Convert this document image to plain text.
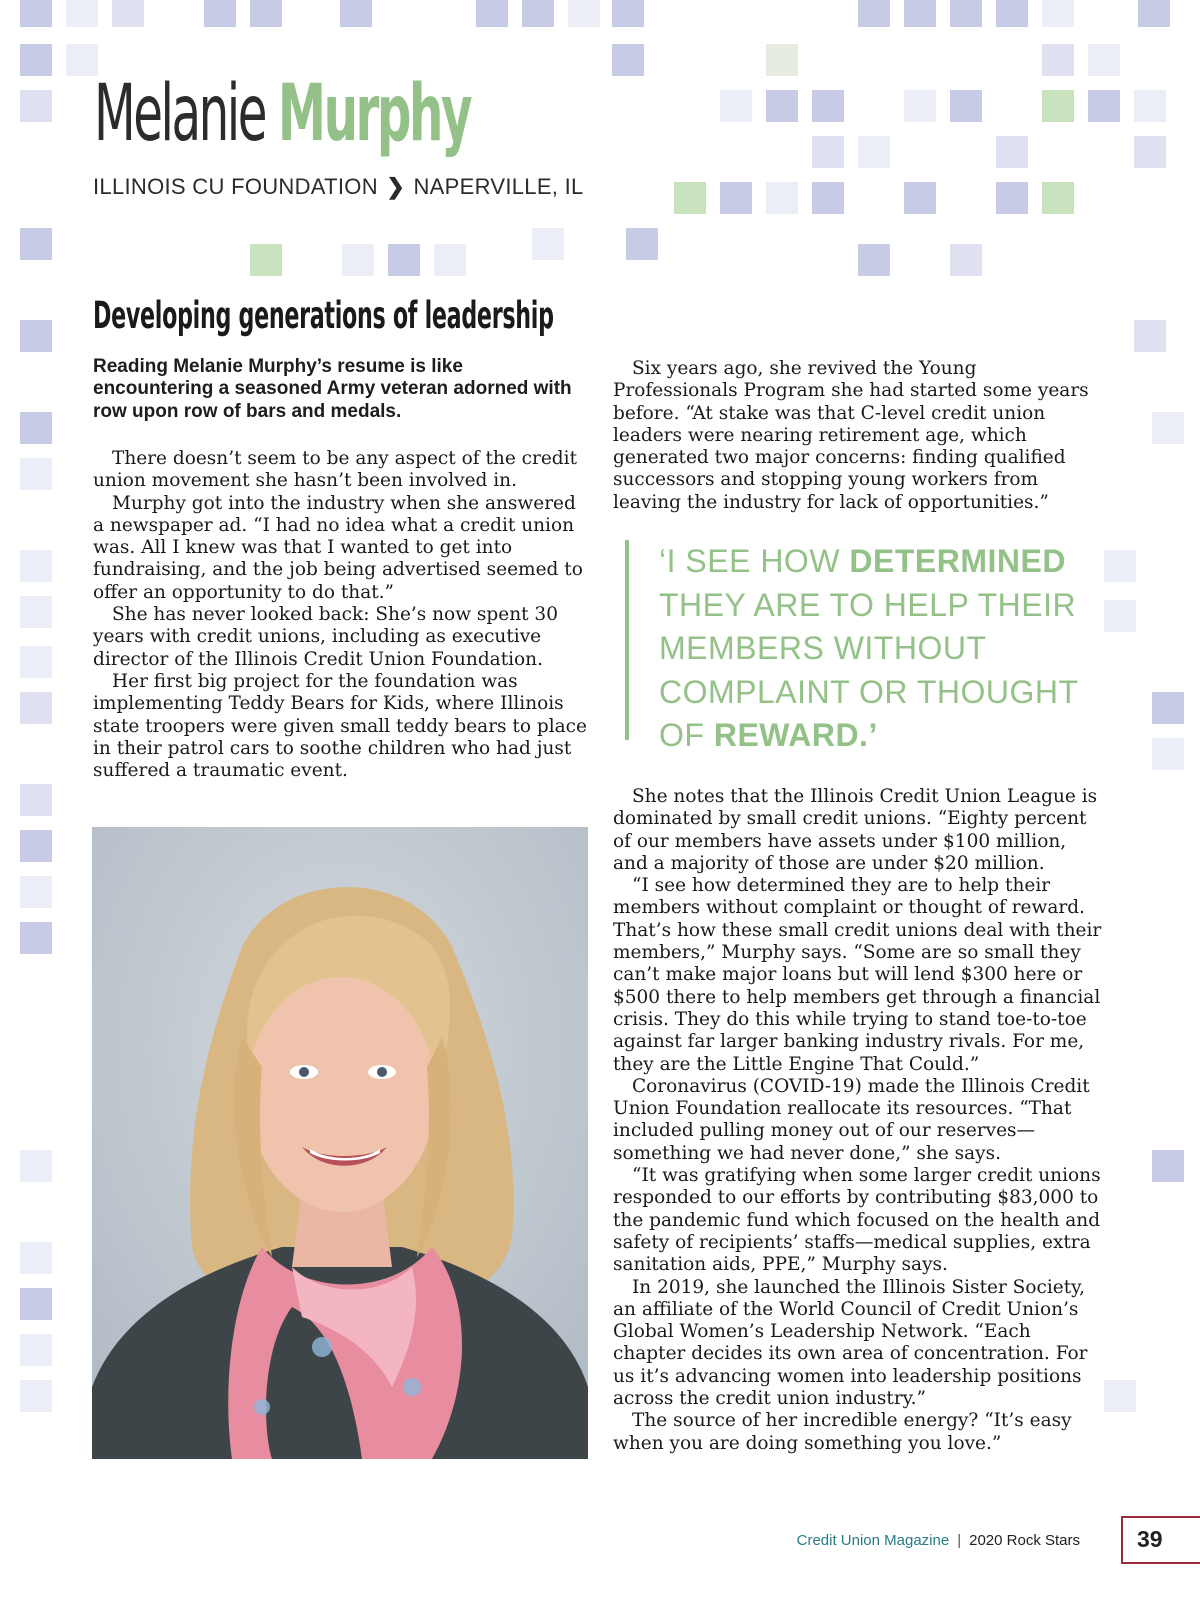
Melanie Murphy
ILLINOIS CU FOUNDATION ❯ NAPERVILLE, IL
Developing generations of leadership
Reading Melanie Murphy’s resume is like encountering a seasoned Army veteran adorned with row upon row of bars and medals.

There doesn’t seem to be any aspect of the credit union movement she hasn’t been involved in.

Murphy got into the industry when she answered a newspaper ad. “I had no idea what a credit union was. All I knew was that I wanted to get into fundraising, and the job being advertised seemed to offer an opportunity to do that.”

She has never looked back: She’s now spent 30 years with credit unions, including as executive director of the Illinois Credit Union Foundation.

Her first big project for the foundation was implementing Teddy Bears for Kids, where Illinois state troopers were given small teddy bears to place in their patrol cars to soothe children who had just suffered a traumatic event.

Six years ago, she revived the Young Professionals Program she had started some years before. “At stake was that C-level credit union leaders were nearing retirement age, which generated two major concerns: finding qualified successors and stopping young workers from leaving the industry for lack of opportunities.”

‘I SEE HOW DETERMINED
THEY ARE TO HELP THEIR
MEMBERS WITHOUT
COMPLAINT OR THOUGHT
OF REWARD.’

She notes that the Illinois Credit Union League is dominated by small credit unions. “Eighty percent of our members have assets under $100 million, and a majority of those are under $20 million.

“I see how determined they are to help their members without complaint or thought of reward. That’s how these small credit unions deal with their members,” Murphy says. “Some are so small they can’t make major loans but will lend $300 here or $500 there to help members get through a financial crisis. They do this while trying to stand toe-to-toe against far larger banking industry rivals. For me, they are the Little Engine That Could.”

Coronavirus (COVID-19) made the Illinois Credit Union Foundation reallocate its resources. “That included pulling money out of our reserves—something we had never done,” she says.

“It was gratifying when some larger credit unions responded to our efforts by contributing $83,000 to the pandemic fund which focused on the health and safety of recipients’ staffs—medical supplies, extra sanitation aids, PPE,” Murphy says.

In 2019, she launched the Illinois Sister Society, an affiliate of the World Council of Credit Union’s Global Women’s Leadership Network. “Each chapter decides its own area of concentration. For us it’s advancing women into leadership positions across the credit union industry.”

The source of her incredible energy? “It’s easy when you are doing something you love.”

Credit Union Magazine | 2020 Rock Stars 39
